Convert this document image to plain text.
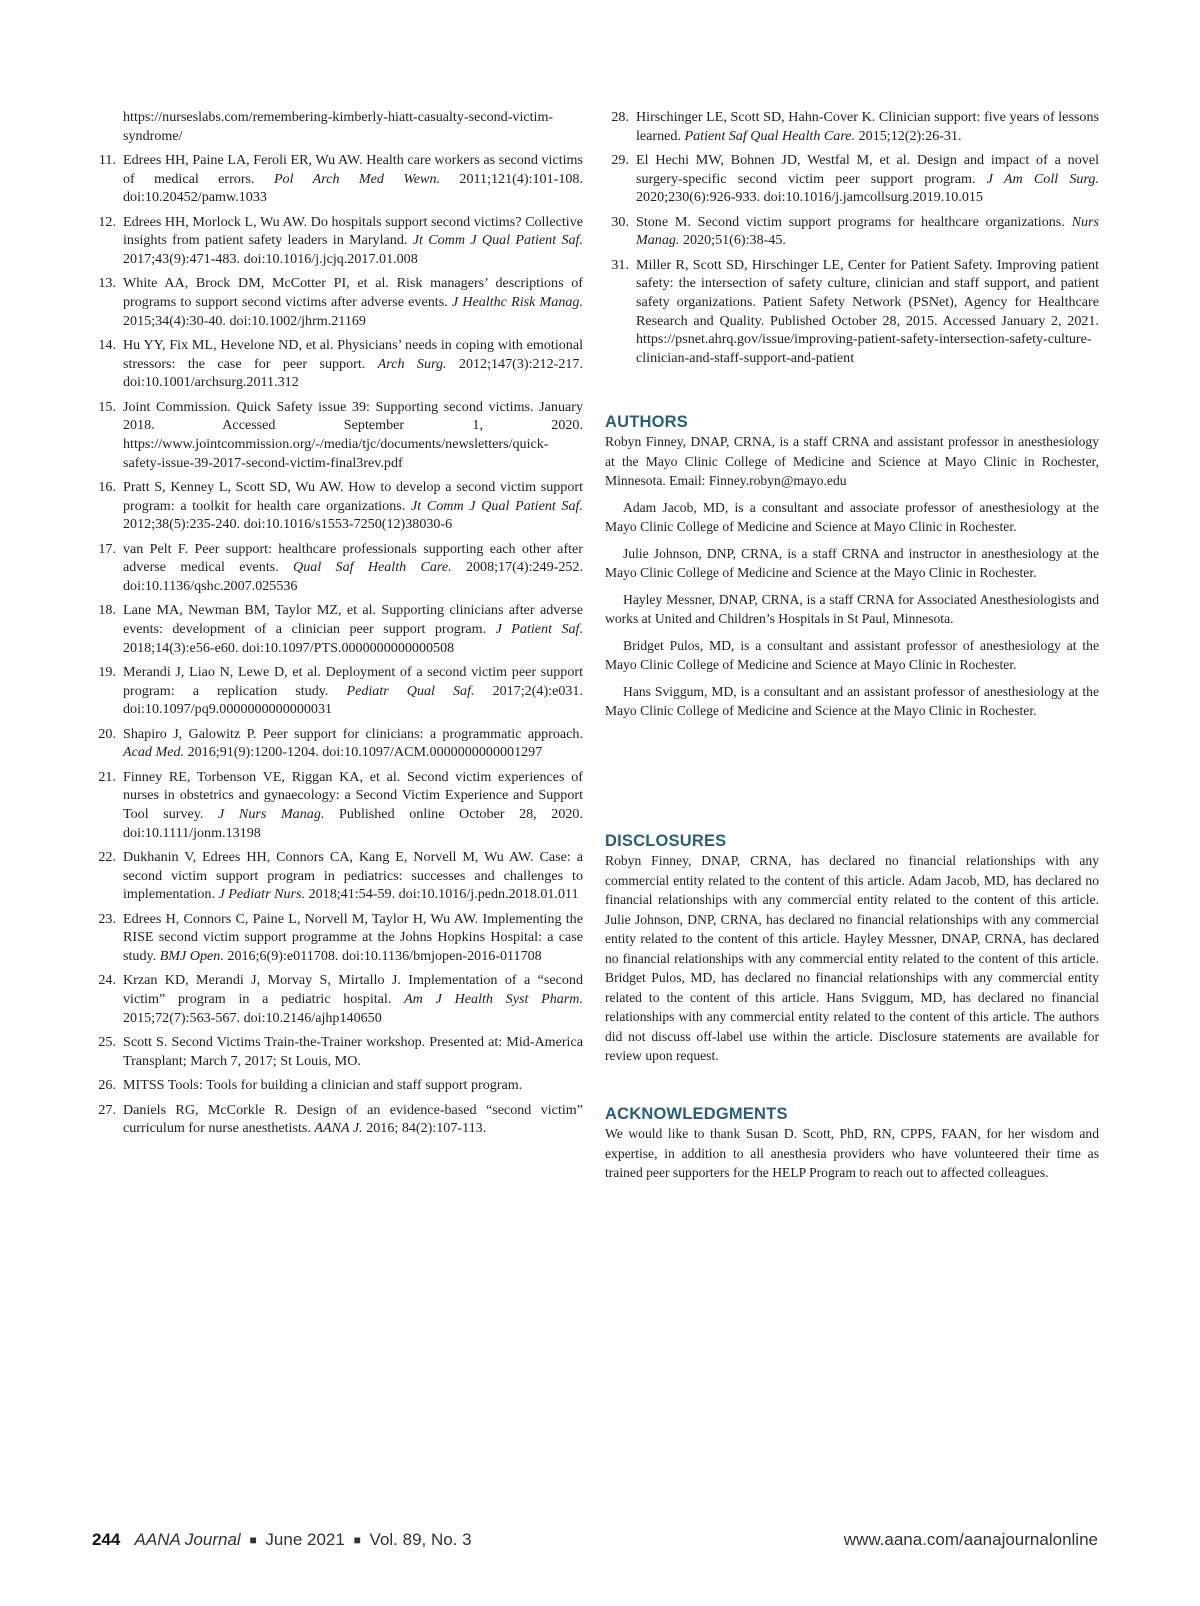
https://nurseslabs.com/remembering-kimberly-hiatt-casualty-second-victim-syndrome/
11. Edrees HH, Paine LA, Feroli ER, Wu AW. Health care workers as second victims of medical errors. Pol Arch Med Wewn. 2011;121(4):101-108. doi:10.20452/pamw.1033
12. Edrees HH, Morlock L, Wu AW. Do hospitals support second victims? Collective insights from patient safety leaders in Maryland. Jt Comm J Qual Patient Saf. 2017;43(9):471-483. doi:10.1016/j.jcjq.2017.01.008
13. White AA, Brock DM, McCotter PI, et al. Risk managers’ descriptions of programs to support second victims after adverse events. J Healthc Risk Manag. 2015;34(4):30-40. doi:10.1002/jhrm.21169
14. Hu YY, Fix ML, Hevelone ND, et al. Physicians’ needs in coping with emotional stressors: the case for peer support. Arch Surg. 2012;147(3):212-217. doi:10.1001/archsurg.2011.312
15. Joint Commission. Quick Safety issue 39: Supporting second victims. January 2018. Accessed September 1, 2020. https://www.jointcommission.org/-/media/tjc/documents/newsletters/quick-safety-issue-39-2017-second-victim-final3rev.pdf
16. Pratt S, Kenney L, Scott SD, Wu AW. How to develop a second victim support program: a toolkit for health care organizations. Jt Comm J Qual Patient Saf. 2012;38(5):235-240. doi:10.1016/s1553-7250(12)38030-6
17. van Pelt F. Peer support: healthcare professionals supporting each other after adverse medical events. Qual Saf Health Care. 2008;17(4):249-252. doi:10.1136/qshc.2007.025536
18. Lane MA, Newman BM, Taylor MZ, et al. Supporting clinicians after adverse events: development of a clinician peer support program. J Patient Saf. 2018;14(3):e56-e60. doi:10.1097/PTS.0000000000000508
19. Merandi J, Liao N, Lewe D, et al. Deployment of a second victim peer support program: a replication study. Pediatr Qual Saf. 2017;2(4):e031. doi:10.1097/pq9.0000000000000031
20. Shapiro J, Galowitz P. Peer support for clinicians: a programmatic approach. Acad Med. 2016;91(9):1200-1204. doi:10.1097/ACM.0000000000001297
21. Finney RE, Torbenson VE, Riggan KA, et al. Second victim experiences of nurses in obstetrics and gynaecology: a Second Victim Experience and Support Tool survey. J Nurs Manag. Published online October 28, 2020. doi:10.1111/jonm.13198
22. Dukhanin V, Edrees HH, Connors CA, Kang E, Norvell M, Wu AW. Case: a second victim support program in pediatrics: successes and challenges to implementation. J Pediatr Nurs. 2018;41:54-59. doi:10.1016/j.pedn.2018.01.011
23. Edrees H, Connors C, Paine L, Norvell M, Taylor H, Wu AW. Implementing the RISE second victim support programme at the Johns Hopkins Hospital: a case study. BMJ Open. 2016;6(9):e011708. doi:10.1136/bmjopen-2016-011708
24. Krzan KD, Merandi J, Morvay S, Mirtallo J. Implementation of a “second victim” program in a pediatric hospital. Am J Health Syst Pharm. 2015;72(7):563-567. doi:10.2146/ajhp140650
25. Scott S. Second Victims Train-the-Trainer workshop. Presented at: Mid-America Transplant; March 7, 2017; St Louis, MO.
26. MITSS Tools: Tools for building a clinician and staff support program.
27. Daniels RG, McCorkle R. Design of an evidence-based “second victim” curriculum for nurse anesthetists. AANA J. 2016; 84(2):107-113.
28. Hirschinger LE, Scott SD, Hahn-Cover K. Clinician support: five years of lessons learned. Patient Saf Qual Health Care. 2015;12(2):26-31.
29. El Hechi MW, Bohnen JD, Westfal M, et al. Design and impact of a novel surgery-specific second victim peer support program. J Am Coll Surg. 2020;230(6):926-933. doi:10.1016/j.jamcollsurg.2019.10.015
30. Stone M. Second victim support programs for healthcare organizations. Nurs Manag. 2020;51(6):38-45.
31. Miller R, Scott SD, Hirschinger LE, Center for Patient Safety. Improving patient safety: the intersection of safety culture, clinician and staff support, and patient safety organizations. Patient Safety Network (PSNet), Agency for Healthcare Research and Quality. Published October 28, 2015. Accessed January 2, 2021. https://psnet.ahrq.gov/issue/improving-patient-safety-intersection-safety-culture-clinician-and-staff-support-and-patient
AUTHORS

Robyn Finney, DNAP, CRNA, is a staff CRNA and assistant professor in anesthesiology at the Mayo Clinic College of Medicine and Science at Mayo Clinic in Rochester, Minnesota. Email: Finney.robyn@mayo.edu

Adam Jacob, MD, is a consultant and associate professor of anesthesiology at the Mayo Clinic College of Medicine and Science at Mayo Clinic in Rochester.

Julie Johnson, DNP, CRNA, is a staff CRNA and instructor in anesthesiology at the Mayo Clinic College of Medicine and Science at the Mayo Clinic in Rochester.

Hayley Messner, DNAP, CRNA, is a staff CRNA for Associated Anesthesiologists and works at United and Children’s Hospitals in St Paul, Minnesota.

Bridget Pulos, MD, is a consultant and assistant professor of anesthesiology at the Mayo Clinic College of Medicine and Science at Mayo Clinic in Rochester.

Hans Sviggum, MD, is a consultant and an assistant professor of anesthesiology at the Mayo Clinic College of Medicine and Science at the Mayo Clinic in Rochester.

DISCLOSURES

Robyn Finney, DNAP, CRNA, has declared no financial relationships with any commercial entity related to the content of this article. Adam Jacob, MD, has declared no financial relationships with any commercial entity related to the content of this article. Julie Johnson, DNP, CRNA, has declared no financial relationships with any commercial entity related to the content of this article. Hayley Messner, DNAP, CRNA, has declared no financial relationships with any commercial entity related to the content of this article. Bridget Pulos, MD, has declared no financial relationships with any commercial entity related to the content of this article. Hans Sviggum, MD, has declared no financial relationships with any commercial entity related to the content of this article. The authors did not discuss off-label use within the article. Disclosure statements are available for review upon request.

ACKNOWLEDGMENTS

We would like to thank Susan D. Scott, PhD, RN, CPPS, FAAN, for her wisdom and expertise, in addition to all anesthesia providers who have volunteered their time as trained peer supporters for the HELP Program to reach out to affected colleagues.

244 AANA Journal ■ June 2021 ■ Vol. 89, No. 3	www.aana.com/aanajournalonline
